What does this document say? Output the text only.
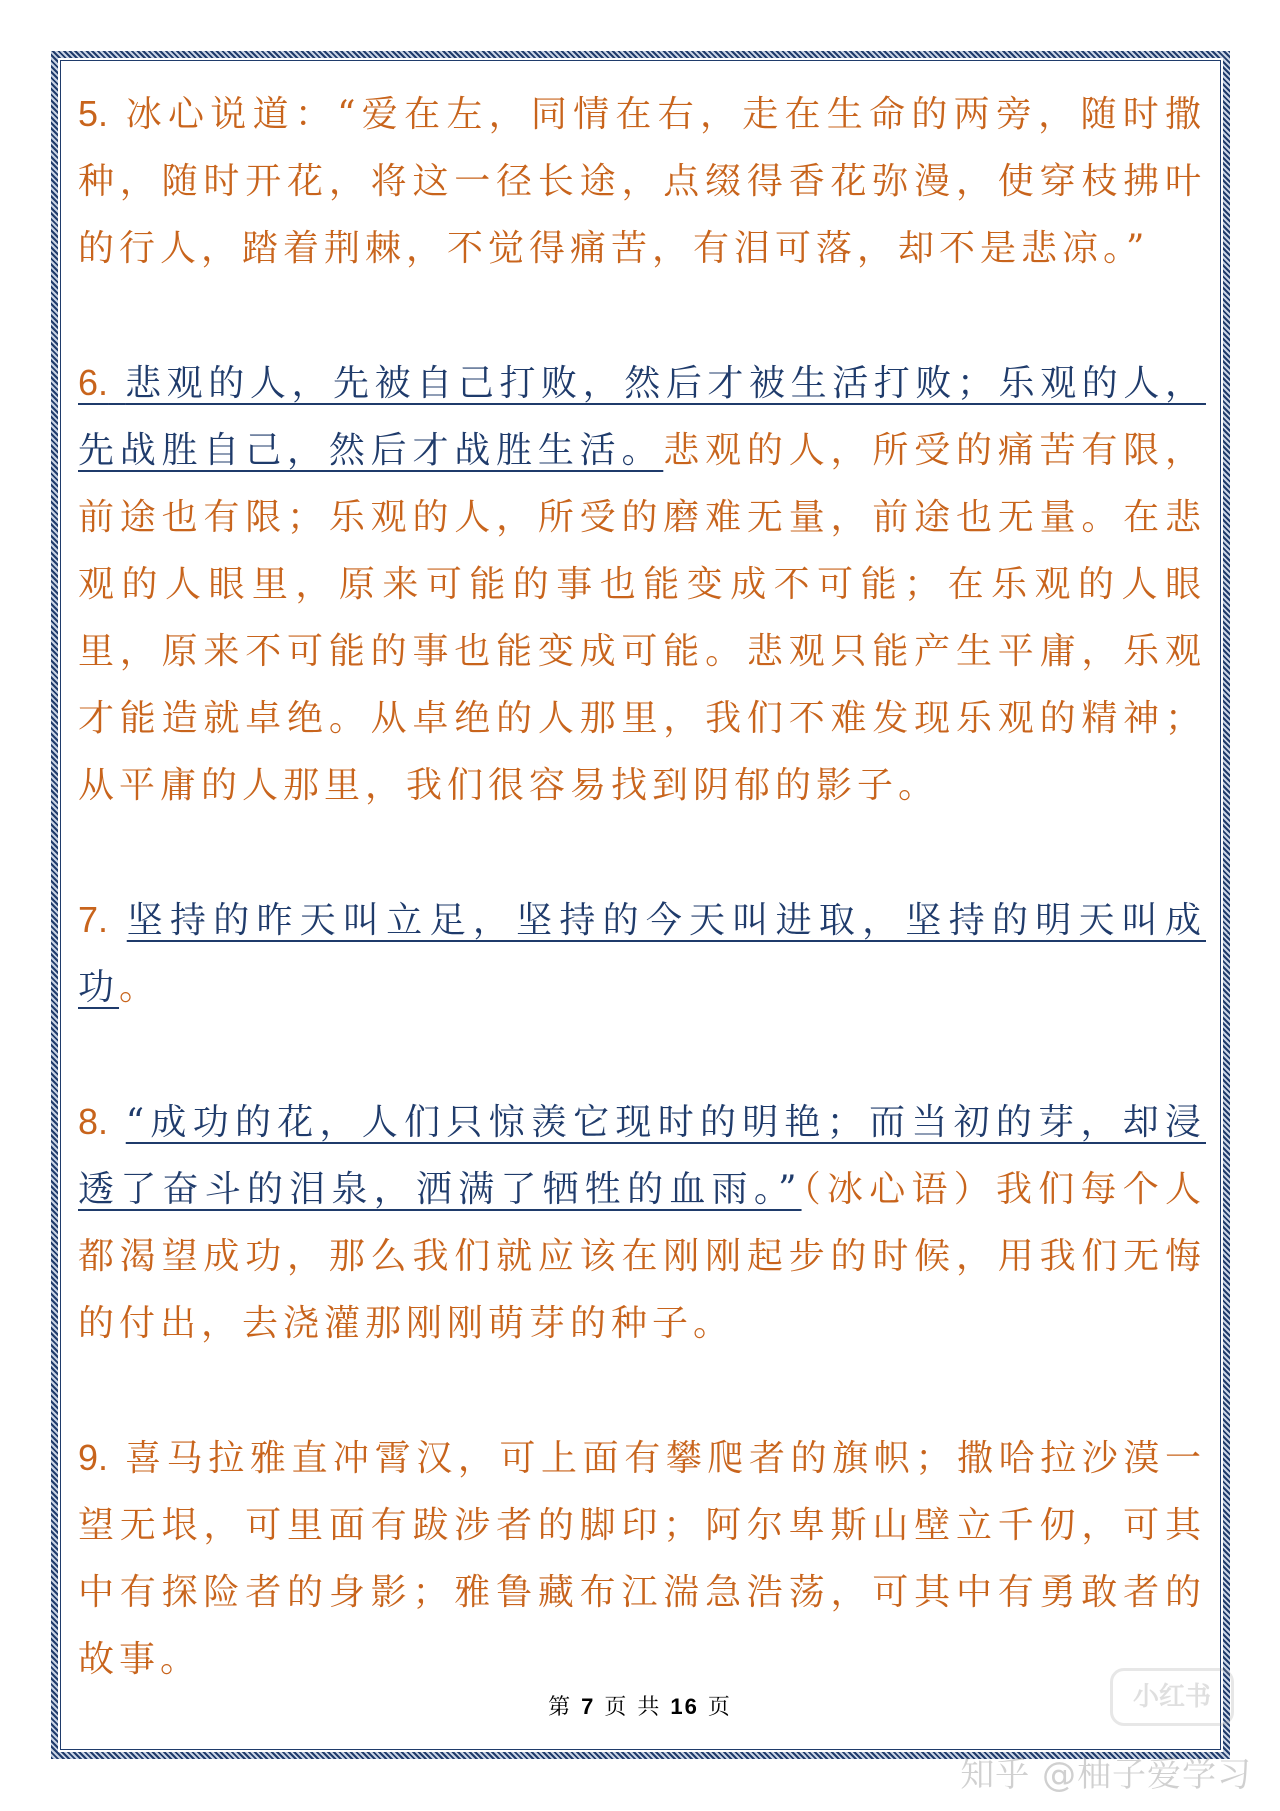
5. 冰心说道：“爱在左，同情在右，走在生命的两旁，随时撒种，随时开花，将这一径长途，点缀得香花弥漫，使穿枝拂叶的行人，踏着荆棘，不觉得痛苦，有泪可落，却不是悲凉。”

6. 悲观的人，先被自己打败，然后才被生活打败；乐观的人，先战胜自己，然后才战胜生活。悲观的人，所受的痛苦有限，前途也有限；乐观的人，所受的磨难无量，前途也无量。在悲观的人眼里，原来可能的事也能变成不可能；在乐观的人眼里，原来不可能的事也能变成可能。悲观只能产生平庸，乐观才能造就卓绝。从卓绝的人那里，我们不难发现乐观的精神；从平庸的人那里，我们很容易找到阴郁的影子。

7. 坚持的昨天叫立足，坚持的今天叫进取，坚持的明天叫成功。

8. “成功的花，人们只惊羡它现时的明艳；而当初的芽，却浸透了奋斗的泪泉，洒满了牺牲的血雨。”（冰心语）我们每个人都渴望成功，那么我们就应该在刚刚起步的时候，用我们无悔的付出，去浇灌那刚刚萌芽的种子。

9. 喜马拉雅直冲霄汉，可上面有攀爬者的旗帜；撒哈拉沙漠一望无垠，可里面有跋涉者的脚印；阿尔卑斯山壁立千仞，可其中有探险者的身影；雅鲁藏布江湍急浩荡，可其中有勇敢者的故事。

第 7 页 共 16 页	小红书
知乎 @柚子爱学习
